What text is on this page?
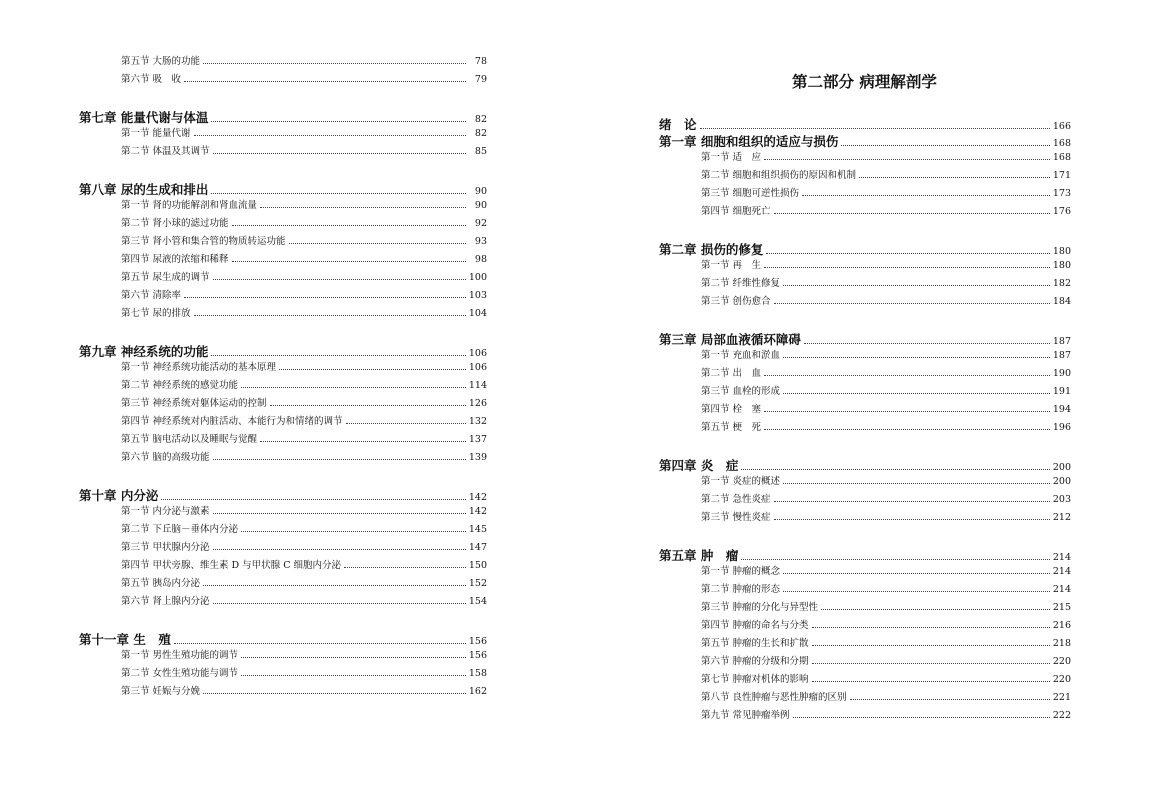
第五节 大肠的功能	78
第六节 吸　收	79
第七章 能量代谢与体温	82
第一节 能量代谢	82
第二节 体温及其调节	85
第八章 尿的生成和排出	90
第一节 肾的功能解剖和肾血流量	90
第二节 肾小球的滤过功能	92
第三节 肾小管和集合管的物质转运功能	93
第四节 尿液的浓缩和稀释	98
第五节 尿生成的调节	100
第六节 清除率	103
第七节 尿的排放	104
第九章 神经系统的功能	106
第一节 神经系统功能活动的基本原理	106
第二节 神经系统的感觉功能	114
第三节 神经系统对躯体运动的控制	126
第四节 神经系统对内脏活动、本能行为和情绪的调节	132
第五节 脑电活动以及睡眠与觉醒	137
第六节 脑的高级功能	139
第十章 内分泌	142
第一节 内分泌与激素	142
第二节 下丘脑－垂体内分泌	145
第三节 甲状腺内分泌	147
第四节 甲状旁腺、维生素 D 与甲状腺 C 细胞内分泌	150
第五节 胰岛内分泌	152
第六节 肾上腺内分泌	154
第十一章 生　殖	156
第一节 男性生殖功能的调节	156
第二节 女性生殖功能与调节	158
第三节 妊娠与分娩	162
第二部分 病理解剖学
绪　论	166
第一章 细胞和组织的适应与损伤	168
第一节 适　应	168
第二节 细胞和组织损伤的原因和机制	171
第三节 细胞可逆性损伤	173
第四节 细胞死亡	176
第二章 损伤的修复	180
第一节 再　生	180
第二节 纤维性修复	182
第三节 创伤愈合	184
第三章 局部血液循环障碍	187
第一节 充血和淤血	187
第二节 出　血	190
第三节 血栓的形成	191
第四节 栓　塞	194
第五节 梗　死	196
第四章 炎　症	200
第一节 炎症的概述	200
第二节 急性炎症	203
第三节 慢性炎症	212
第五章 肿　瘤	214
第一节 肿瘤的概念	214
第二节 肿瘤的形态	214
第三节 肿瘤的分化与异型性	215
第四节 肿瘤的命名与分类	216
第五节 肿瘤的生长和扩散	218
第六节 肿瘤的分级和分期	220
第七节 肿瘤对机体的影响	220
第八节 良性肿瘤与恶性肿瘤的区别	221
第九节 常见肿瘤举例	222
